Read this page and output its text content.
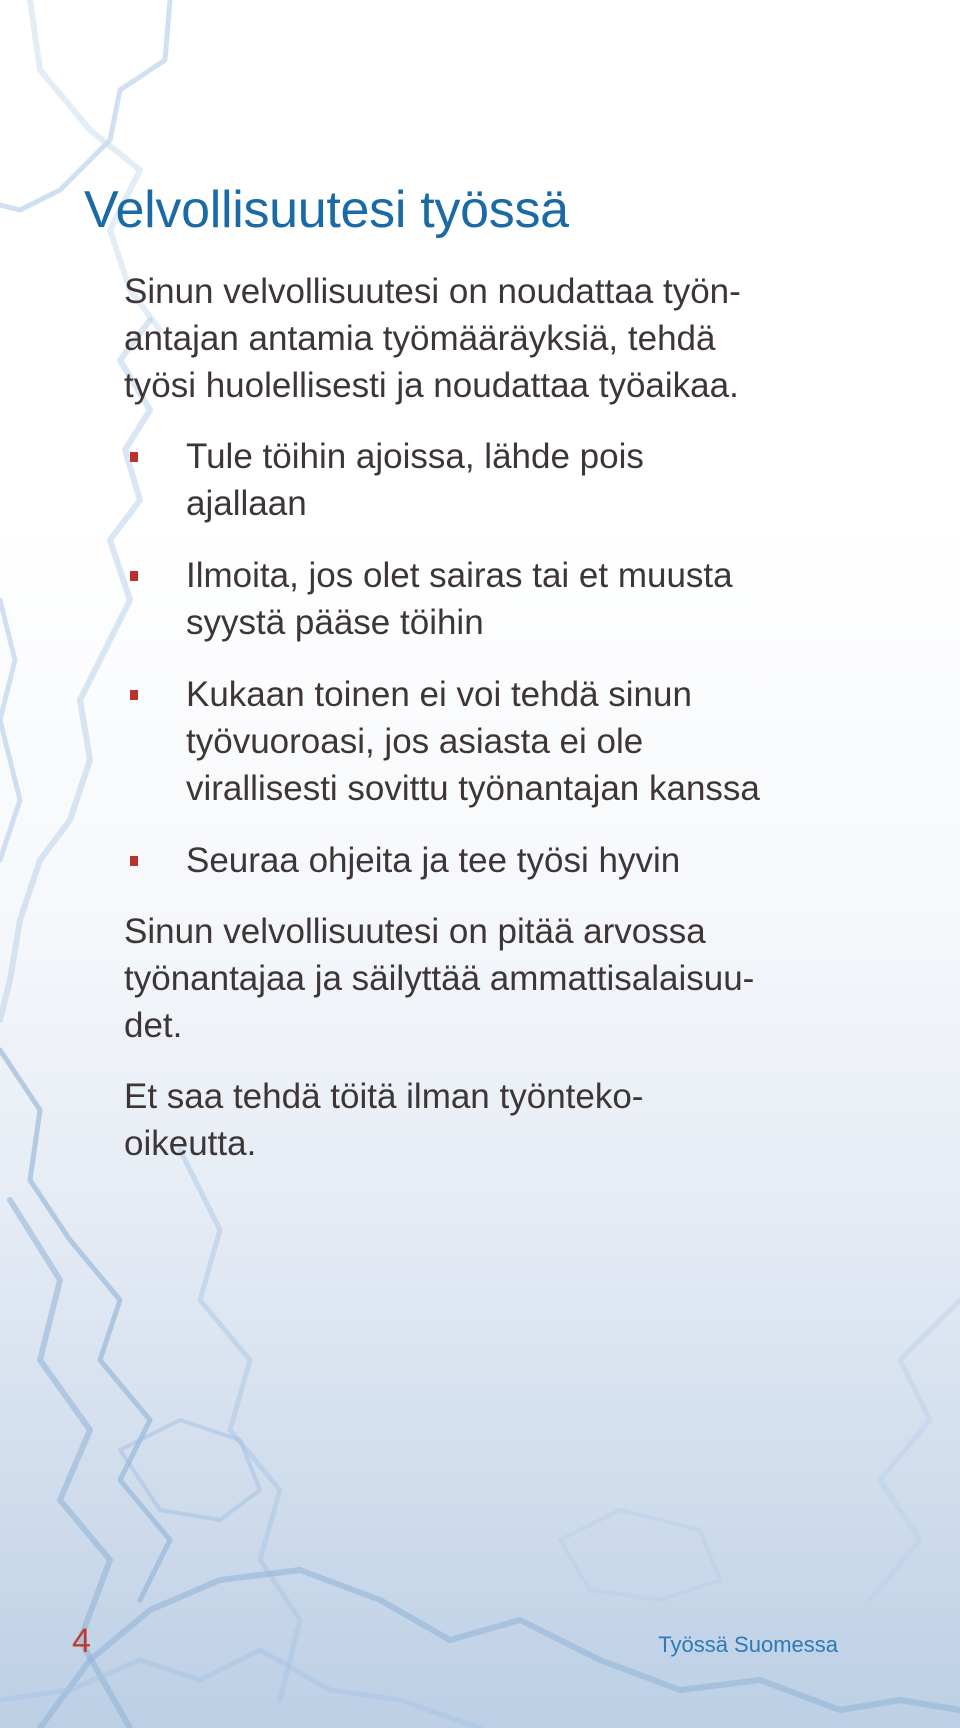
Velvollisuutesi työssä

Sinun velvollisuutesi on noudattaa työn-
antajan antamia työmääräyksiä, tehdä
työsi huolellisesti ja noudattaa työaikaa.

Tule töihin ajoissa, lähde pois
ajallaan
Ilmoita, jos olet sairas tai et muusta
syystä pääse töihin
Kukaan toinen ei voi tehdä sinun
työvuoroasi, jos asiasta ei ole
virallisesti sovittu työnantajan kanssa
Seuraa ohjeita ja tee työsi hyvin

Sinun velvollisuutesi on pitää arvossa
työnantajaa ja säilyttää ammattisalaisuu-
det.

Et saa tehdä töitä ilman työnteko-
oikeutta.

4	Työssä Suomessa
